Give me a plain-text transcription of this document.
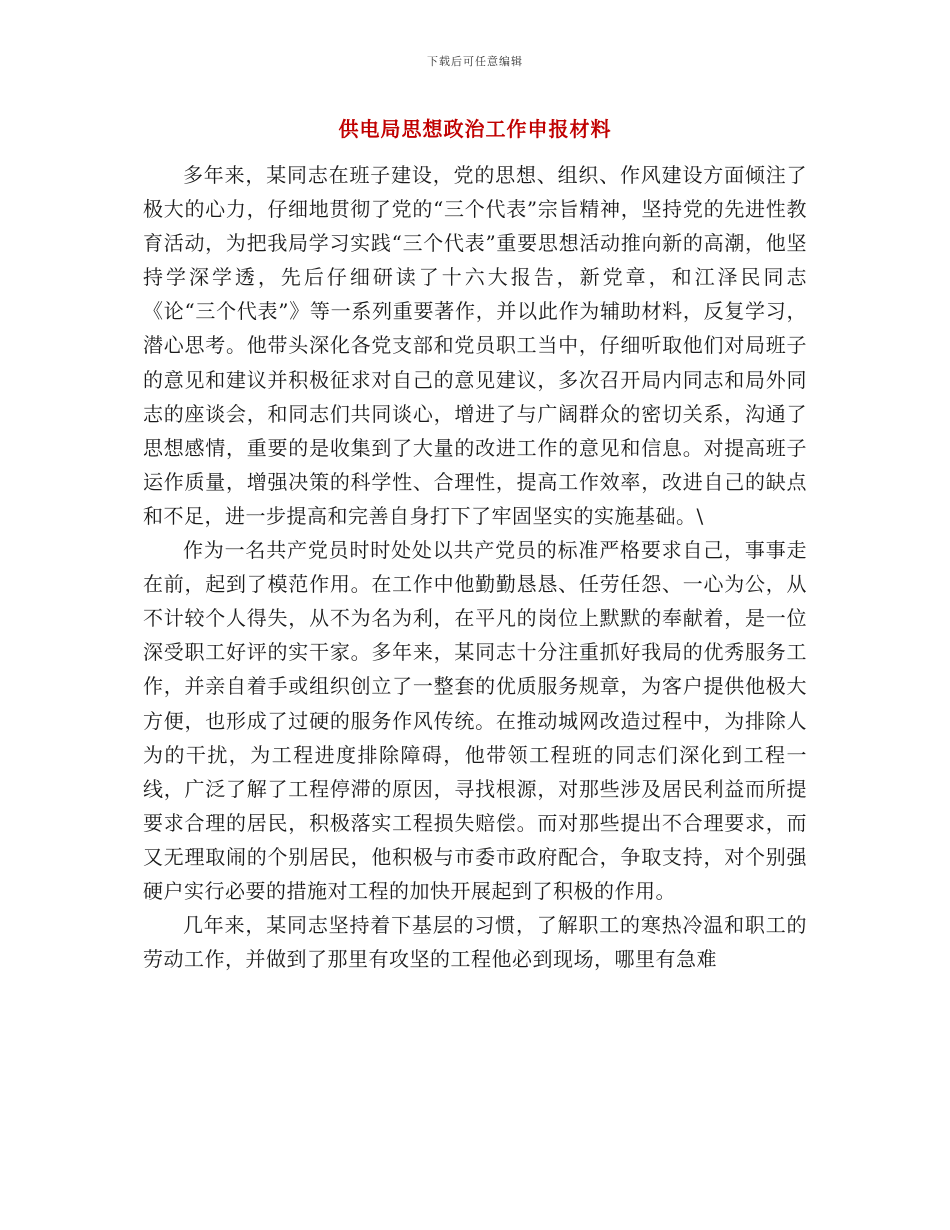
下载后可任意编辑
供电局思想政治工作申报材料

多年来，某同志在班子建设，党的思想、组织、作风建设方面倾注了极大的心力，仔细地贯彻了党的“三个代表”宗旨精神，坚持党的先进性教育活动，为把我局学习实践“三个代表”重要思想活动推向新的高潮，他坚持学深学透，先后仔细研读了十六大报告，新党章，和江泽民同志《论“三个代表”》等一系列重要著作，并以此作为辅助材料，反复学习，潜心思考。他带头深化各党支部和党员职工当中，仔细听取他们对局班子的意见和建议并积极征求对自己的意见建议，多次召开局内同志和局外同志的座谈会，和同志们共同谈心，增进了与广阔群众的密切关系，沟通了思想感情，重要的是收集到了大量的改进工作的意见和信息。对提高班子运作质量，增强决策的科学性、合理性，提高工作效率，改进自己的缺点和不足，进一步提高和完善自身打下了牢固坚实的实施基础。\

作为一名共产党员时时处处以共产党员的标准严格要求自己，事事走在前，起到了模范作用。在工作中他勤勤恳恳、任劳任怨、一心为公，从不计较个人得失，从不为名为利，在平凡的岗位上默默的奉献着，是一位深受职工好评的实干家。多年来，某同志十分注重抓好我局的优秀服务工作，并亲自着手或组织创立了一整套的优质服务规章，为客户提供他极大方便，也形成了过硬的服务作风传统。在推动城网改造过程中，为排除人为的干扰，为工程进度排除障碍，他带领工程班的同志们深化到工程一线，广泛了解了工程停滞的原因，寻找根源，对那些涉及居民利益而所提要求合理的居民，积极落实工程损失赔偿。而对那些提出不合理要求，而又无理取闹的个别居民，他积极与市委市政府配合，争取支持，对个别强硬户实行必要的措施对工程的加快开展起到了积极的作用。

几年来，某同志坚持着下基层的习惯，了解职工的寒热冷温和职工的劳动工作，并做到了那里有攻坚的工程他必到现场，哪里有急难
